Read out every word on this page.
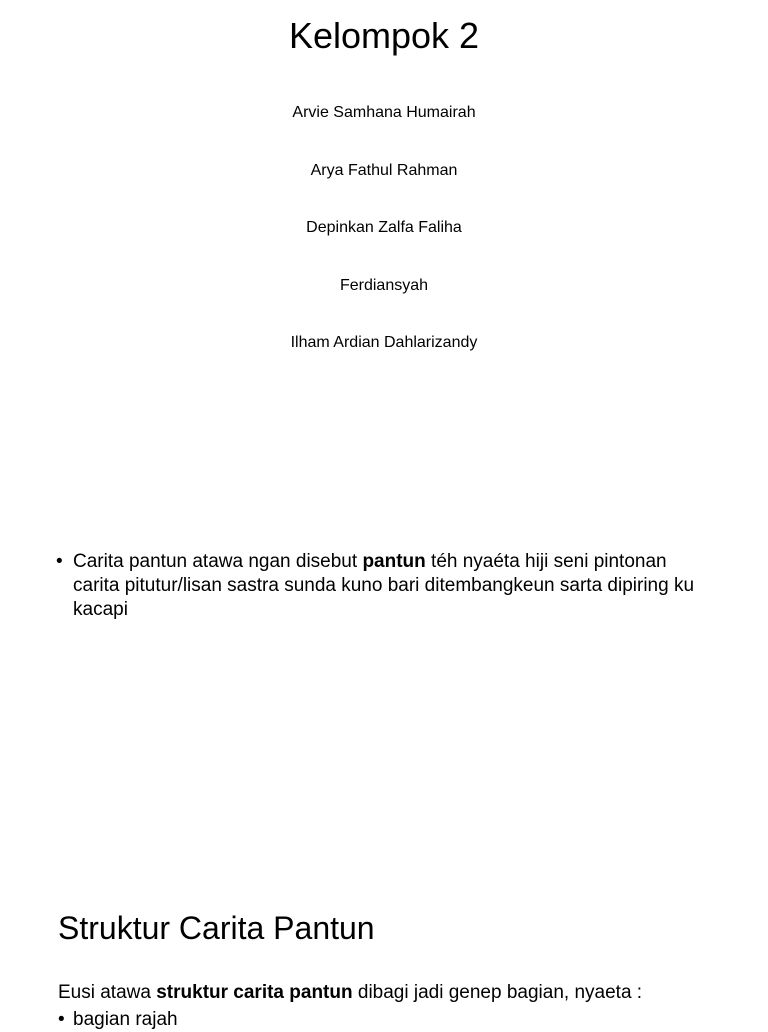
Kelompok 2

Arvie Samhana Humairah

Arya Fathul Rahman

Depinkan Zalfa Faliha

Ferdiansyah

Ilham Ardian Dahlarizandy

• Carita pantun atawa ngan disebut pantun téh nyaéta hiji seni pintonan carita pitutur/lisan sastra sunda kuno bari ditembangkeun sarta dipiring ku kacapi
Struktur Carita Pantun
Eusi atawa struktur carita pantun dibagi jadi genep bagian, nyaeta :
• bagian rajah
